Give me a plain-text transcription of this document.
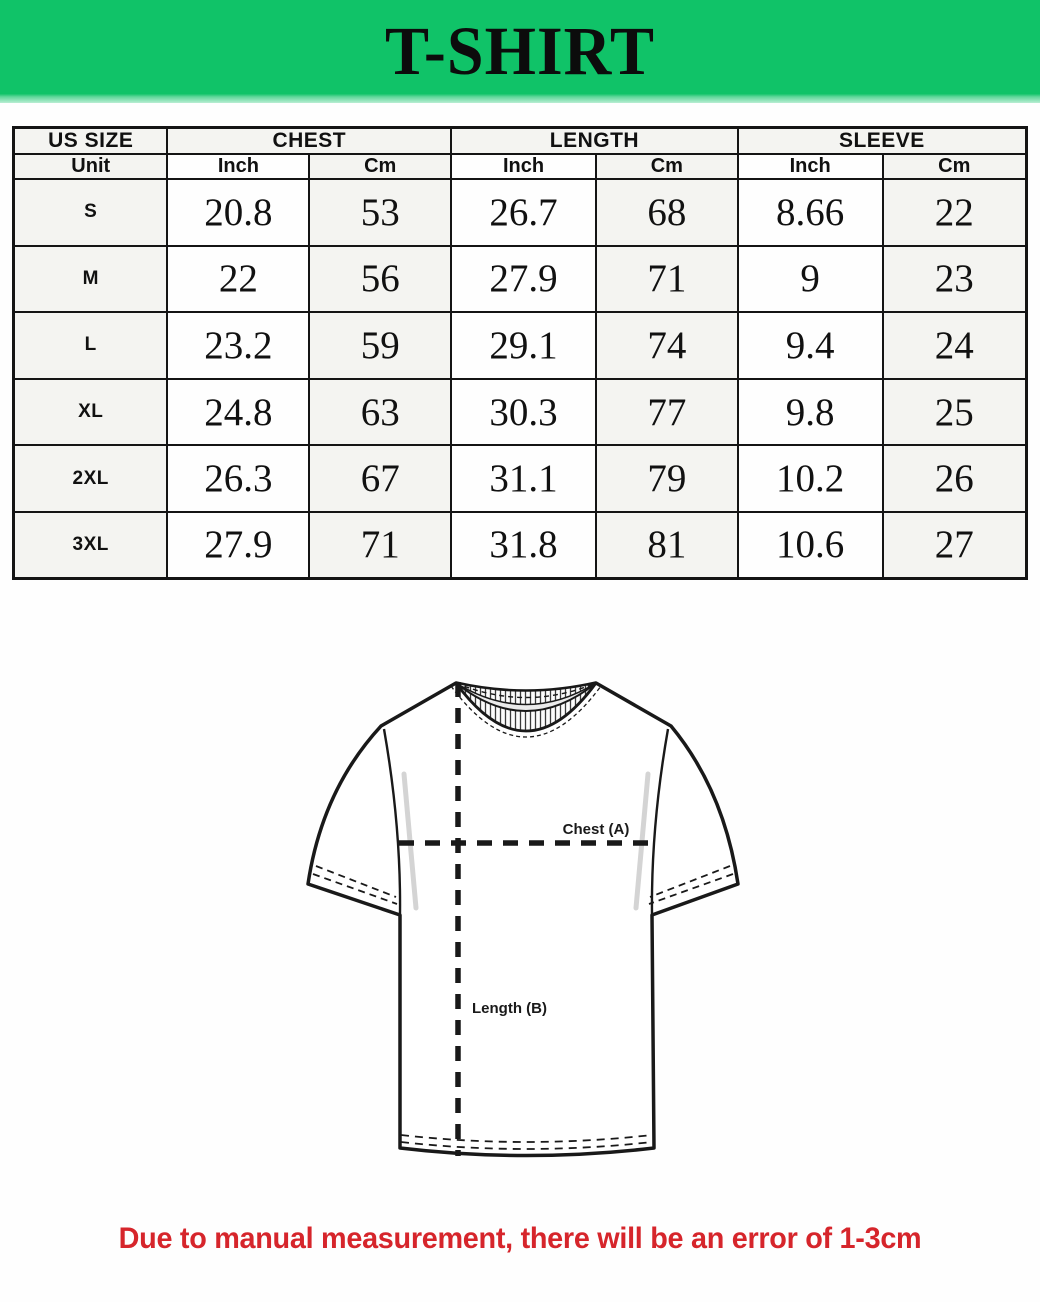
T-SHIRT
US SIZE	CHEST		LENGTH		SLEEVE	
Unit	Inch	Cm	Inch	Cm	Inch	Cm
S	20.8	53	26.7	68	8.66	22
M	22	56	27.9	71	9	23
L	23.2	59	29.1	74	9.4	24
XL	24.8	63	30.3	77	9.8	25
2XL	26.3	67	31.1	79	10.2	26
3XL	27.9	71	31.8	81	10.6	27
Chest (A)
Length (B)

Due to manual measurement, there will be an error of 1-3cm
